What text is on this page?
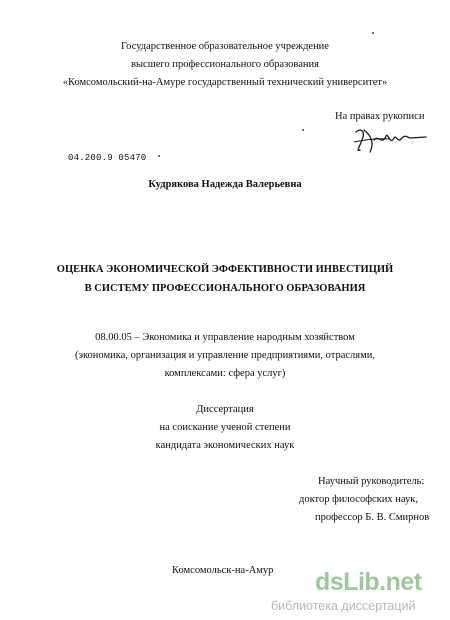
Государственное образовательное учреждение
высшего профессионального образования
«Комсомольский-на-Амуре государственный технический университет»
На правах рукописи
04.200.9 05470
Кудрякова Надежда Валерьевна
ОЦЕНКА ЭКОНОМИЧЕСКОЙ ЭФФЕКТИВНОСТИ ИНВЕСТИЦИЙ
В СИСТЕМУ ПРОФЕССИОНАЛЬНОГО ОБРАЗОВАНИЯ
08.00.05 – Экономика и управление народным хозяйством
(экономика, организация и управление предприятиями, отраслями,
комплексами: сфера услуг)
Диссертация
на соискание ученой степени
кандидата экономических наук
Научный руководитель:
доктор философских наук,
профессор Б. В. Смирнов
Комсомольск-на-Амур dsLib.net
библиотека диссертаций
